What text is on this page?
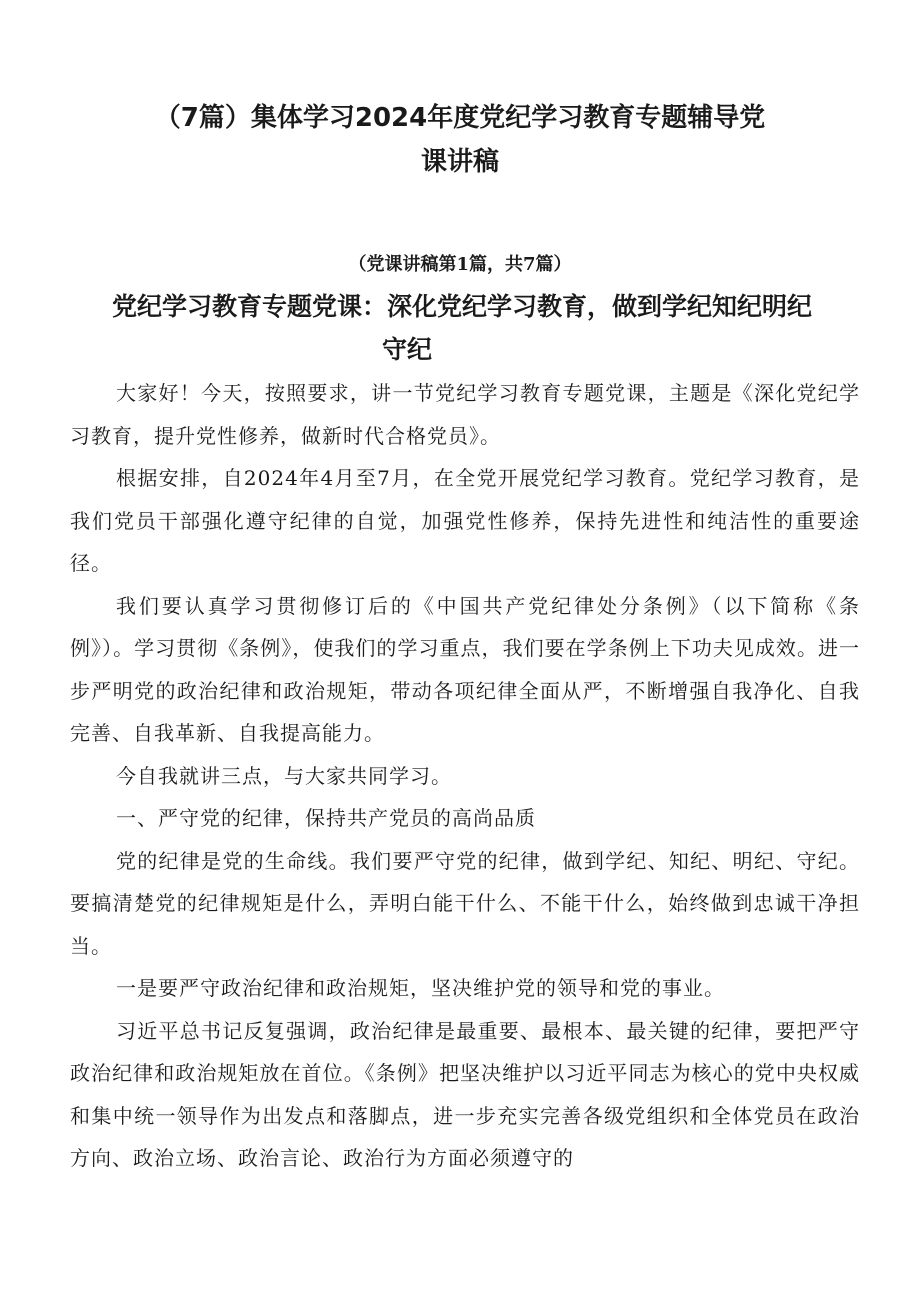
（7篇）集体学习2024年度党纪学习教育专题辅导党
课讲稿
（党课讲稿第1篇，共7篇）
党纪学习教育专题党课：深化党纪学习教育，做到学纪知纪明纪
守纪

大家好！今天，按照要求，讲一节党纪学习教育专题党课，主题是《深化党纪学习教育，提升党性修养，做新时代合格党员》。

根据安排，自2024年4月至7月，在全党开展党纪学习教育。党纪学习教育，是我们党员干部强化遵守纪律的自觉，加强党性修养，保持先进性和纯洁性的重要途径。

我们要认真学习贯彻修订后的《中国共产党纪律处分条例》（以下简称《条例》）。学习贯彻《条例》，使我们的学习重点，我们要在学条例上下功夫见成效。进一步严明党的政治纪律和政治规矩，带动各项纪律全面从严，不断增强自我净化、自我完善、自我革新、自我提高能力。

今自我就讲三点，与大家共同学习。

一、严守党的纪律，保持共产党员的高尚品质

党的纪律是党的生命线。我们要严守党的纪律，做到学纪、知纪、明纪、守纪。要搞清楚党的纪律规矩是什么，弄明白能干什么、不能干什么，始终做到忠诚干净担当。

一是要严守政治纪律和政治规矩，坚决维护党的领导和党的事业。

习近平总书记反复强调，政治纪律是最重要、最根本、最关键的纪律，要把严守政治纪律和政治规矩放在首位。《条例》把坚决维护以习近平同志为核心的党中央权威和集中统一领导作为出发点和落脚点，进一步充实完善各级党组织和全体党员在政治方向、政治立场、政治言论、政治行为方面必须遵守的
